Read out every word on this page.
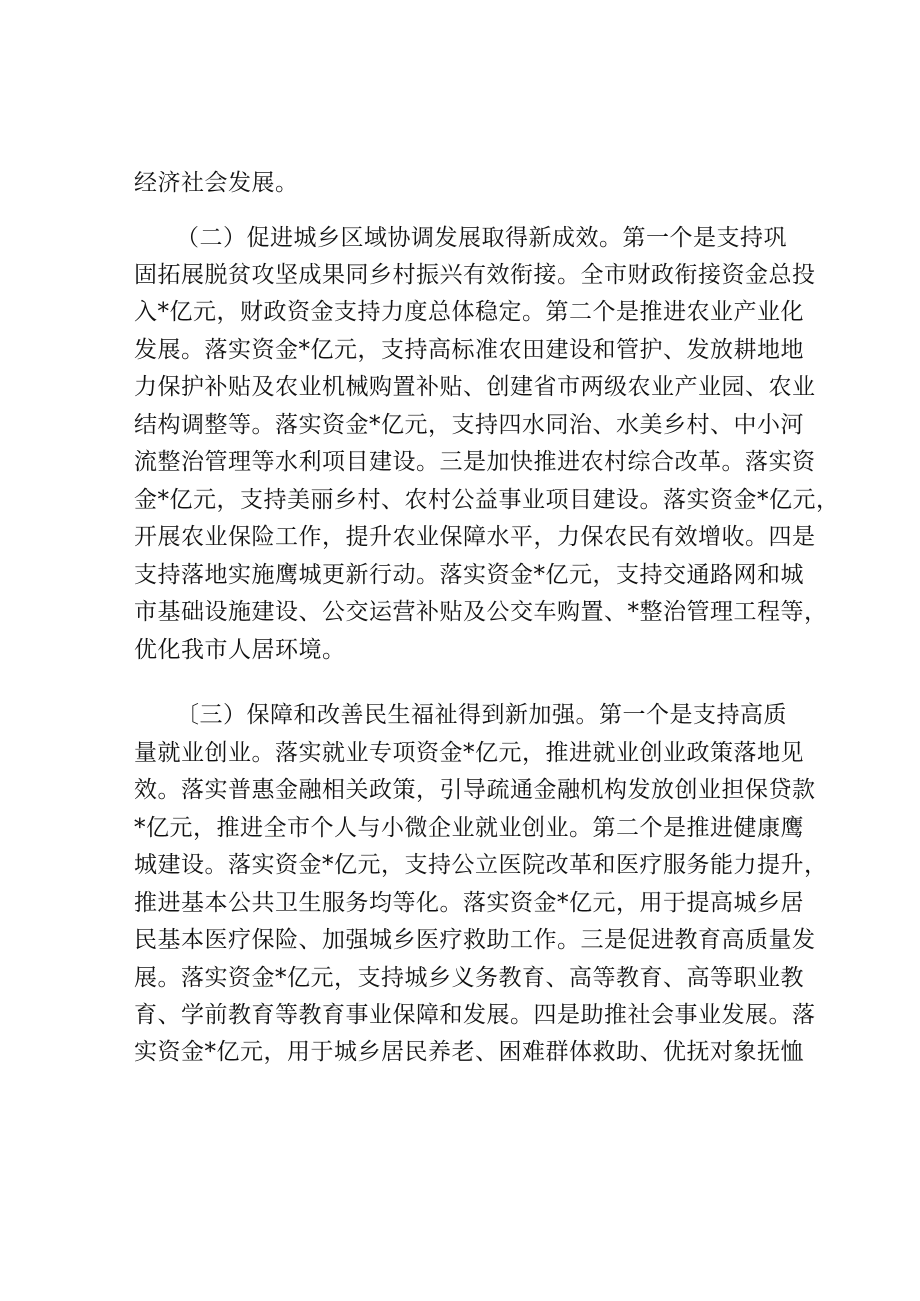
经济社会发展。
（二）促进城乡区域协调发展取得新成效。第一个是支持巩
固拓展脱贫攻坚成果同乡村振兴有效衔接。全市财政衔接资金总投
入*亿元，财政资金支持力度总体稳定。第二个是推进农业产业化
发展。落实资金*亿元，支持高标准农田建设和管护、发放耕地地
力保护补贴及农业机械购置补贴、创建省市两级农业产业园、农业
结构调整等。落实资金*亿元，支持四水同治、水美乡村、中小河
流整治管理等水利项目建设。三是加快推进农村综合改革。落实资
金*亿元，支持美丽乡村、农村公益事业项目建设。落实资金*亿元，
开展农业保险工作，提升农业保障水平，力保农民有效增收。四是
支持落地实施鹰城更新行动。落实资金*亿元，支持交通路网和城
市基础设施建设、公交运营补贴及公交车购置、*整治管理工程等，
优化我市人居环境。
〔三）保障和改善民生福祉得到新加强。第一个是支持高质
量就业创业。落实就业专项资金*亿元，推进就业创业政策落地见
效。落实普惠金融相关政策，引导疏通金融机构发放创业担保贷款
*亿元，推进全市个人与小微企业就业创业。第二个是推进健康鹰
城建设。落实资金*亿元，支持公立医院改革和医疗服务能力提升，
推进基本公共卫生服务均等化。落实资金*亿元，用于提高城乡居
民基本医疗保险、加强城乡医疗救助工作。三是促进教育高质量发
展。落实资金*亿元，支持城乡义务教育、高等教育、高等职业教
育、学前教育等教育事业保障和发展。四是助推社会事业发展。落
实资金*亿元，用于城乡居民养老、困难群体救助、优抚对象抚恤
